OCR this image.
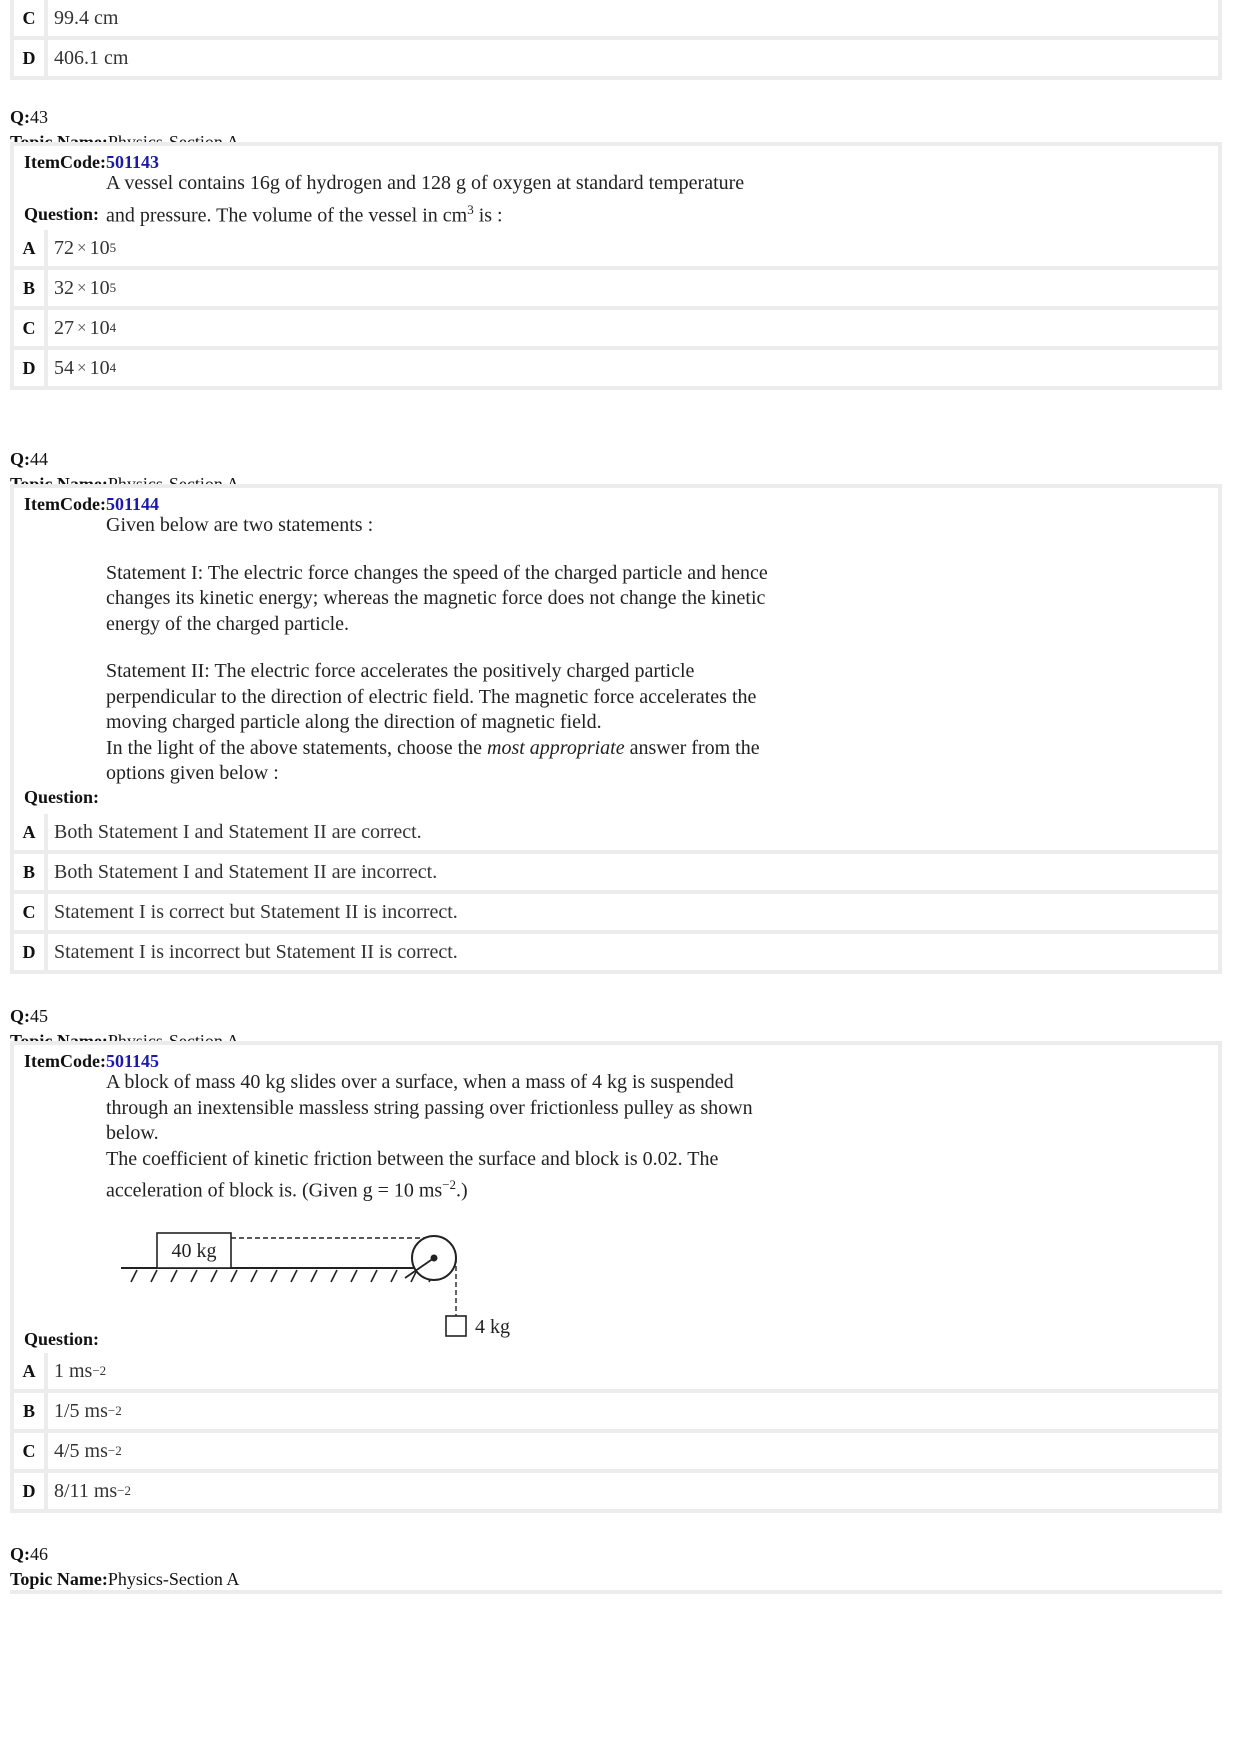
C 99.4 cm
D 406.1 cm
Q:43
ItemCode:501143

A vessel contains 16g of hydrogen and 128 g of oxygen at standard temperature

and pressure. The volume of the vessel in $cm^3$ is :

Question:
A 72 × 10 5
B 32 × 10 5
C 27 × 10 4
D 54 × 10 4
Q:44
ItemCode:501144

Given below are two statements :

Statement I: The electric force changes the speed of the charged particle and hence

changes its kinetic energy; whereas the magnetic force does not change the kinetic

energy of the charged particle.

Statement II: The electric force accelerates the positively charged particle

perpendicular to the direction of electric field. The magnetic force accelerates the

moving charged particle along the direction of magnetic field.

In the light of the above statements, choose the most appropriate answer from the

options given below :

Question:
A Both Statement I and Statement II are correct.
B Both Statement I and Statement II are incorrect.
C Statement I is correct but Statement II is incorrect.
D Statement I is incorrect but Statement II is correct.
Q:45
ItemCode:501145

A block of mass 40 kg slides over a surface, when a mass of 4 kg is suspended

through an inextensible massless string passing over frictionless pulley as shown

below.

The coefficient of kinetic friction between the surface and block is 0.02. The

acceleration of block is. (Given g = 10 $ms^{-2}$.)

40 kg
4 kg
Question:
A 1 ms −2
B 1/5 ms −2
C 4/5 ms −2
D 8/11 ms −2
Q:46
Topic Name:Physics-Section A
